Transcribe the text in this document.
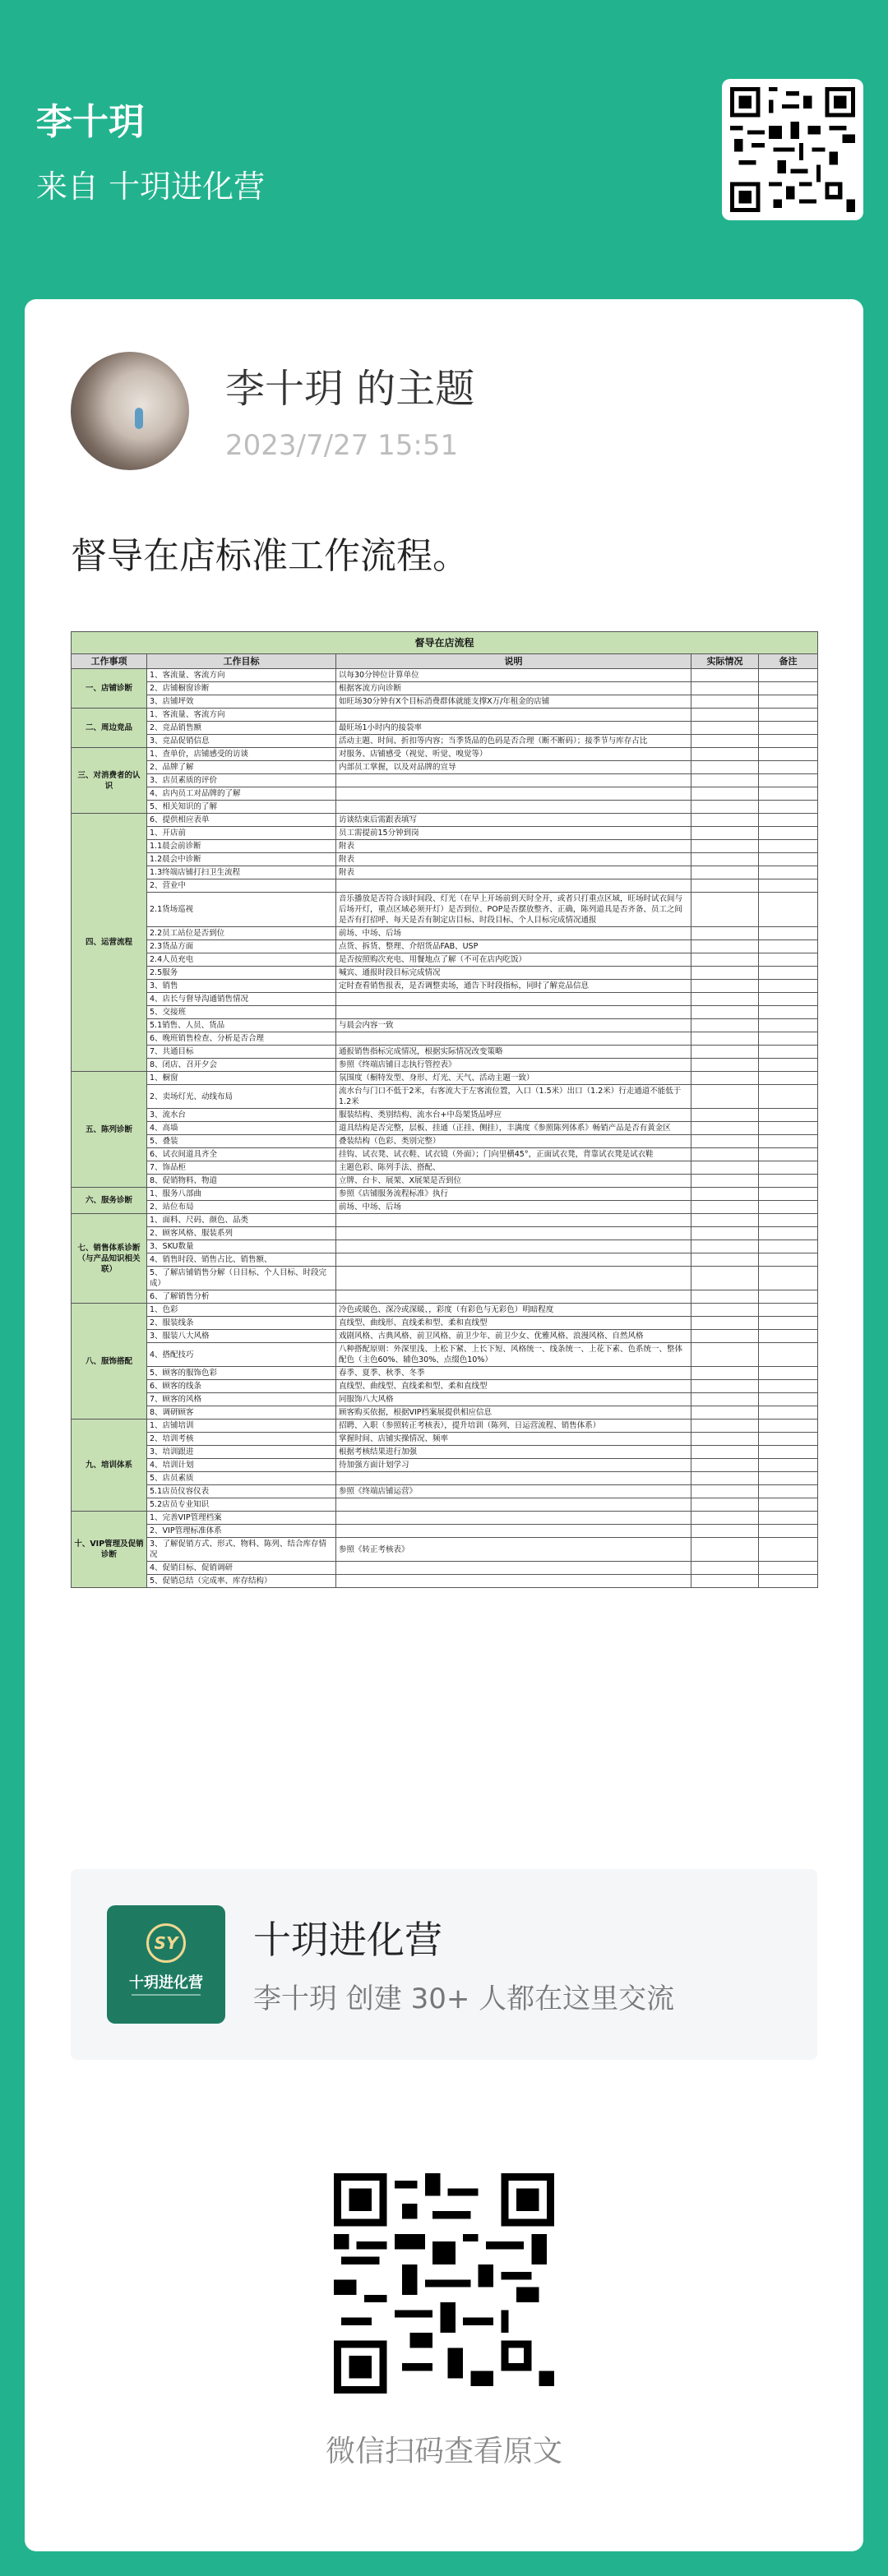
李十玥
来自 十玥进化营
李十玥 的主题
2023/7/27 15:51
督导在店标准工作流程。
督导在店流程				
工作事项	工作目标	说明	实际情况	备注
一、店铺诊断	1、客流量、客流方向	以每30分钟位计算单位		
	2、店铺橱窗诊断	根据客流方向诊断		
	3、店铺坪效	如旺场30分钟有X个目标消费群体就能支撑X万/年租金的店铺		
二、周边竞品	1、客流量、客流方向			
	2、竞品销售额	最旺场1小时内的接袋率		
	3、竞品促销信息	活动主题、时间、折扣等内容；当季货品的色码是否合理（断不断码）；接季节与库存占比		
三、对消费者的认识	1、查单价，店铺感受的访谈	对服务、店铺感受（视觉、听觉、嗅觉等）		
	2、品牌了解	内部员工掌握，以及对品牌的宣导		
	3、店员素质的评价			
	4、店内员工对品牌的了解			
	5、相关知识的了解			
四、运营流程	6、提供相应表单	访谈结束后需跟表填写		
	1、开店前	员工需提前15分钟到岗		
	1.1晨会前诊断	附表		
	1.2晨会中诊断	附表		
	1.3终端店铺打扫卫生流程	附表		
	2、营业中			
	2.1货场巡视	音乐播放是否符合该时间段、灯光（在早上开场前到天时全开，或者只打重点区域，旺场时试衣间与后场开灯，重点区域必须开灯）是否到位、POP是否摆放整齐、正确，陈列道具是否齐备、员工之间是否有打招呼、每天是否有制定店目标、时段目标、个人目标完成情况通报		
	2.2员工站位是否到位	前场、中场、后场		
	2.3货品方面	点货、拆货、整理、介绍货品FAB、USP		
	2.4人员充电	是否按照购次充电、用餐地点了解（不可在店内吃饭）		
	2.5服务	喊宾、通报时段目标完成情况		
	3、销售	定时查看销售报表，是否调整卖场，通告下时段指标，同时了解竞品信息		
	4、店长与督导沟通销售情况			
	5、交接班			
	5.1销售、人员、货品	与晨会内容一致		
	6、晚班销售检查、分析是否合理			
	7、共通目标	通报销售指标完成情况，根据实际情况改变策略		
	8、闭店、召开夕会	参照《终端店铺日志执行管控表》		
五、陈列诊断	1、橱窗	氛围度（橱特发型、身形、灯光、天气、活动主题一致）		
	2、卖场灯光、动线布局	流水台与门口不低于2米，右客流大于左客流位置，入口（1.5米）出口（1.2米）行走通道不能低于1.2米		
	3、流水台	服装结构、类别结构、流水台+中岛架货品呼应		
	4、高墙	道具结构是否完整，层板、挂通（正挂、侧挂），丰满度《参照陈列体系》畅销产品是否有黄金区		
	5、叠装	叠装结构（色彩、类别完整）		
	6、试衣间道具齐全	挂钩、试衣凳、试衣鞋、试衣镜（外面）；门向里横45°，正面试衣凳，背靠试衣凳是试衣鞋		
	7、饰品柜	主题色彩、陈列手法、搭配、		
	8、促销物料、物道	立牌、台卡、展架、X展架是否到位		
六、服务诊断	1、服务八部曲	参照《店铺服务流程标准》执行		
	2、站位布局	前场、中场、后场		
七、销售体系诊断（与产品知识相关联）	1、面料、尺码、颜色、品类			
	2、顾客风格、服装系列			
	3、SKU数量			
	4、销售时段、销售占比、销售额、			
	5、了解店铺销售分解（日目标、个人目标、时段完成）			
	6、了解销售分析			
八、服饰搭配	1、色彩	冷色或暖色、深冷或深暖、，彩度（有彩色与无彩色）明暗程度		
	2、服装线条	直线型、曲线形、直线柔和型、柔和直线型		
	3、服装八大风格	戏剧风格、古典风格、前卫风格、前卫少年、前卫少女、优雅风格、浪漫风格、自然风格		
	4、搭配技巧	八种搭配原则：外深里浅、上松下紧、上长下短、风格统一、线条统一、上花下素、色系统一、整体配色（主色60%、辅色30%、点缀色10%）		
	5、顾客的服饰色彩	春季、夏季、秋季、冬季		
	6、顾客的线条	直线型、曲线型、直线柔和型、柔和直线型		
	7、顾客的风格	同服饰八大风格		
	8、调研顾客	顾客购买依据，根据VIP档案展提供相应信息		
九、培训体系	1、店铺培训	招聘、入职（参照转正考核表），提升培训（陈列、日运营流程、销售体系）		
	2、培训考核	掌握时间、店铺实操情况、频率		
	3、培训跟进	根据考核结果进行加强		
	4、培训计划	待加强方面计划学习		
	5、店员素质			
	5.1店员仪容仪表	参照《终端店铺运营》		
	5.2店员专业知识			
十、VIP管理及促销诊断	1、完善VIP管理档案			
	2、VIP管理标准体系			
	3、了解促销方式、形式、物料、陈列、结合库存情况	参照《转正考核表》		
	4、促销目标、促销调研			
	5、促销总结（完成率、库存结构）			
SY
十玥进化营
十玥进化营
李十玥 创建 30+ 人都在这里交流
微信扫码查看原文
